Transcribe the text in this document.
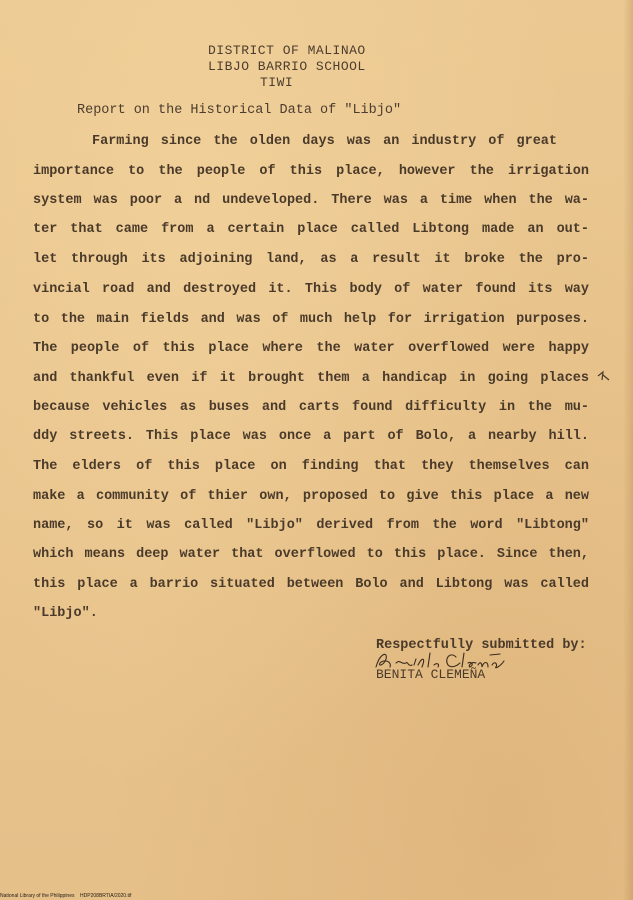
DISTRICT OF MALINAO
LIBJO BARRIO SCHOOL
TIWI
Report on the Historical Data of "Libjo"
Farming since the olden days was an industry of great
importance to the people of this place, however the irrigation
system was poor a nd undeveloped. There was a time when the wa-
ter that came from a certain place called Libtong made an out-
let through its adjoining land, as a result it broke the pro-
vincial road and destroyed it. This body of water found its way
to the main fields and was of much help for irrigation purposes.
The people of this place where the water overflowed were happy
and thankful even if it brought them a handicap in going places
because vehicles as buses and carts found difficulty in the mu-
ddy streets. This place was once a part of Bolo, a nearby hill.
The elders of this place on finding that they themselves can
make a community of thier own, proposed to give this place a new
name, so it was called "Libjo" derived from the word "Libtong"
which means deep water that overflowed to this place. Since then,
this place a barrio situated between Bolo and Libtong was called
"Libjo".
Respectfully submitted by:
BENITA CLEMEÑA
National Library of the Philippines    HDP208BRTIA/2020.tif
